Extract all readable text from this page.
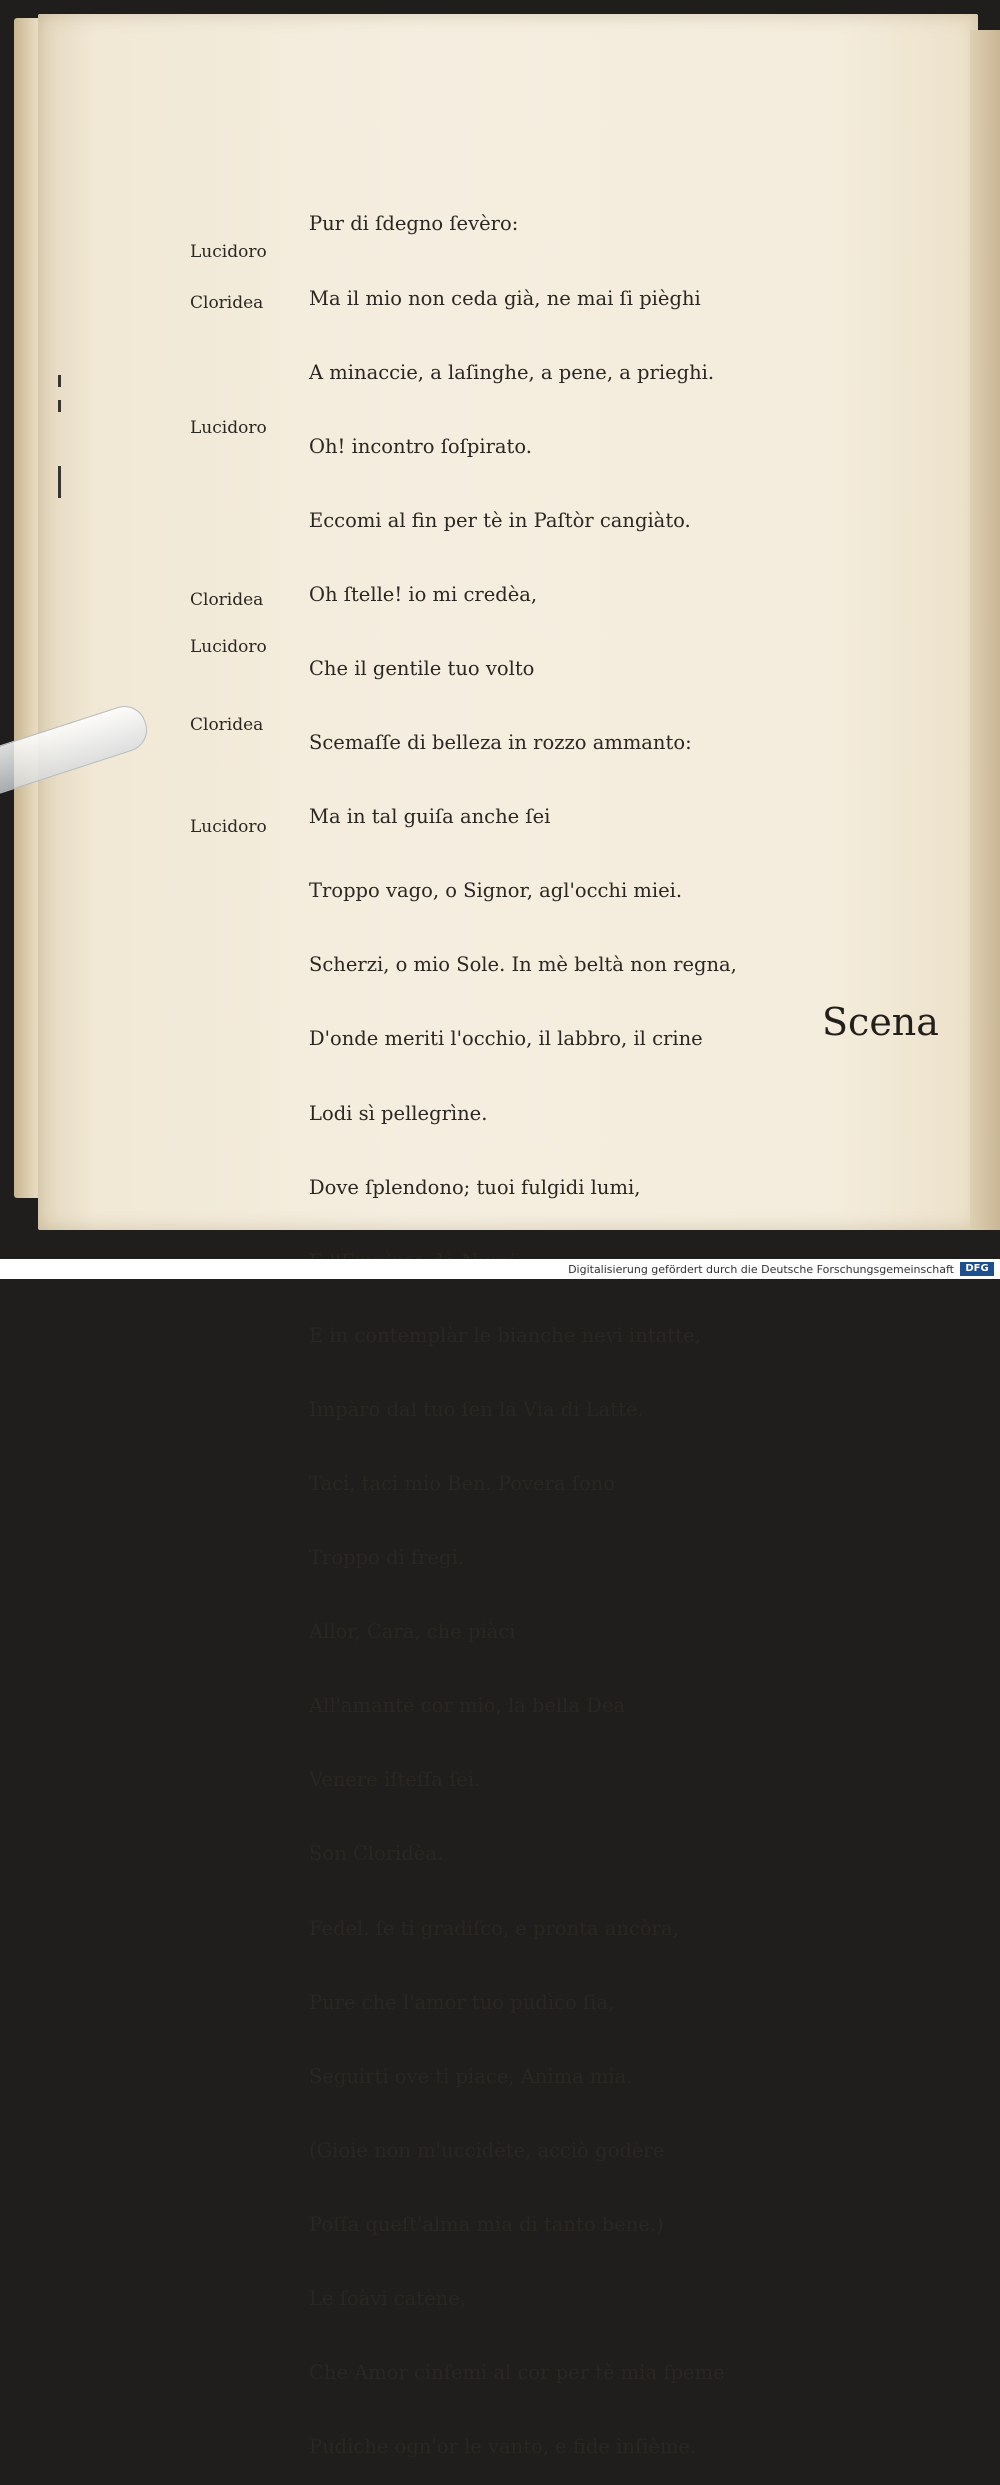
Pur di ſdegno ſevèro:

Ma il mio non ceda già, ne mai ſi pièghi

A minaccie, a laſinghe, a pene, a prieghi.

Oh! incontro ſoſpirato.

Eccomi al fin per tè in Paſtòr cangiàto.

Oh ſtelle! io mi credèa,

Che il gentile tuo volto

Scemaſſe di belleza in rozzo ammanto:

Ma in tal guiſa anche ſei

Troppo vago, o Signor, agl'occhi miei.

Scherzi, o mio Sole. In mè beltà non regna,

D'onde meriti l'occhio, il labbro, il crine

Lodi sì pellegrìne.

Dove ſplendono; tuoi fulgidi lumi,

E in contemplàr le bianche nevi intatte,

Impàro dal tuo ſen la Via di Latte.

Taci, taci mio Ben. Povera ſono

Troppo di fregi.

Allor, Cara, che piàci

All'amante cor mio, la bella Dea

Venere iſteſſa ſei.

Son Cloridèa.

Fedel. ſe ti gradiſco, e pronta ancòra,

Pure che l'amor tuo pudìco ſia,

Seguirti ove ti piace, Anima mia.

(Gioie non m'uccidète, acciò godère

Poſſa queſt'alma mia di tanto bene.)

Le ſoàvi catène,

Che Amor cinſemi al cor per tè mia ſpeme

Pudiche ogn'or le vanto, e fide inſième.

Lucidoro
Cloridea
Lucidoro
Cloridea
Lucidoro
Cloridea
Lucidoro
Scena
Digitalisierung gefördert durch die Deutsche Forschungsgemeinschaft	DFG
